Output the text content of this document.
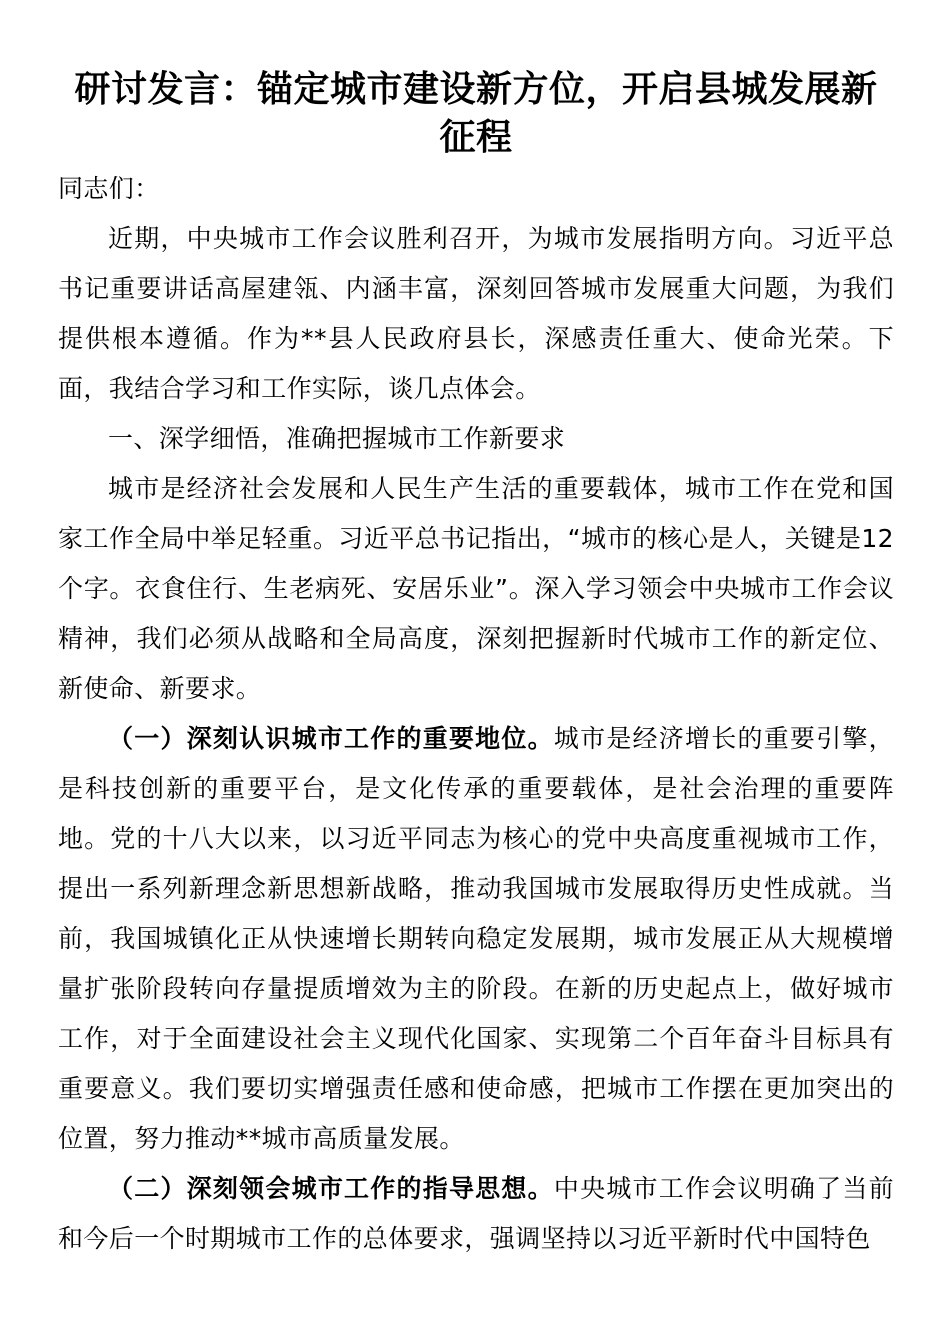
研讨发言：锚定城市建设新方位，开启县城发展新征程

同志们：

近期，中央城市工作会议胜利召开，为城市发展指明方向。习近平总书记重要讲话高屋建瓴、内涵丰富，深刻回答城市发展重大问题，为我们提供根本遵循。作为**县人民政府县长，深感责任重大、使命光荣。下面，我结合学习和工作实际，谈几点体会。

一、深学细悟，准确把握城市工作新要求

城市是经济社会发展和人民生产生活的重要载体，城市工作在党和国家工作全局中举足轻重。习近平总书记指出，“城市的核心是人，关键是12个字。衣食住行、生老病死、安居乐业”。深入学习领会中央城市工作会议精神，我们必须从战略和全局高度，深刻把握新时代城市工作的新定位、新使命、新要求。

（一）深刻认识城市工作的重要地位。城市是经济增长的重要引擎，是科技创新的重要平台，是文化传承的重要载体，是社会治理的重要阵地。党的十八大以来，以习近平同志为核心的党中央高度重视城市工作，提出一系列新理念新思想新战略，推动我国城市发展取得历史性成就。当前，我国城镇化正从快速增长期转向稳定发展期，城市发展正从大规模增量扩张阶段转向存量提质增效为主的阶段。在新的历史起点上，做好城市工作，对于全面建设社会主义现代化国家、实现第二个百年奋斗目标具有重要意义。我们要切实增强责任感和使命感，把城市工作摆在更加突出的位置，努力推动**城市高质量发展。

（二）深刻领会城市工作的指导思想。中央城市工作会议明确了当前和今后一个时期城市工作的总体要求，强调坚持以习近平新时代中国特色
